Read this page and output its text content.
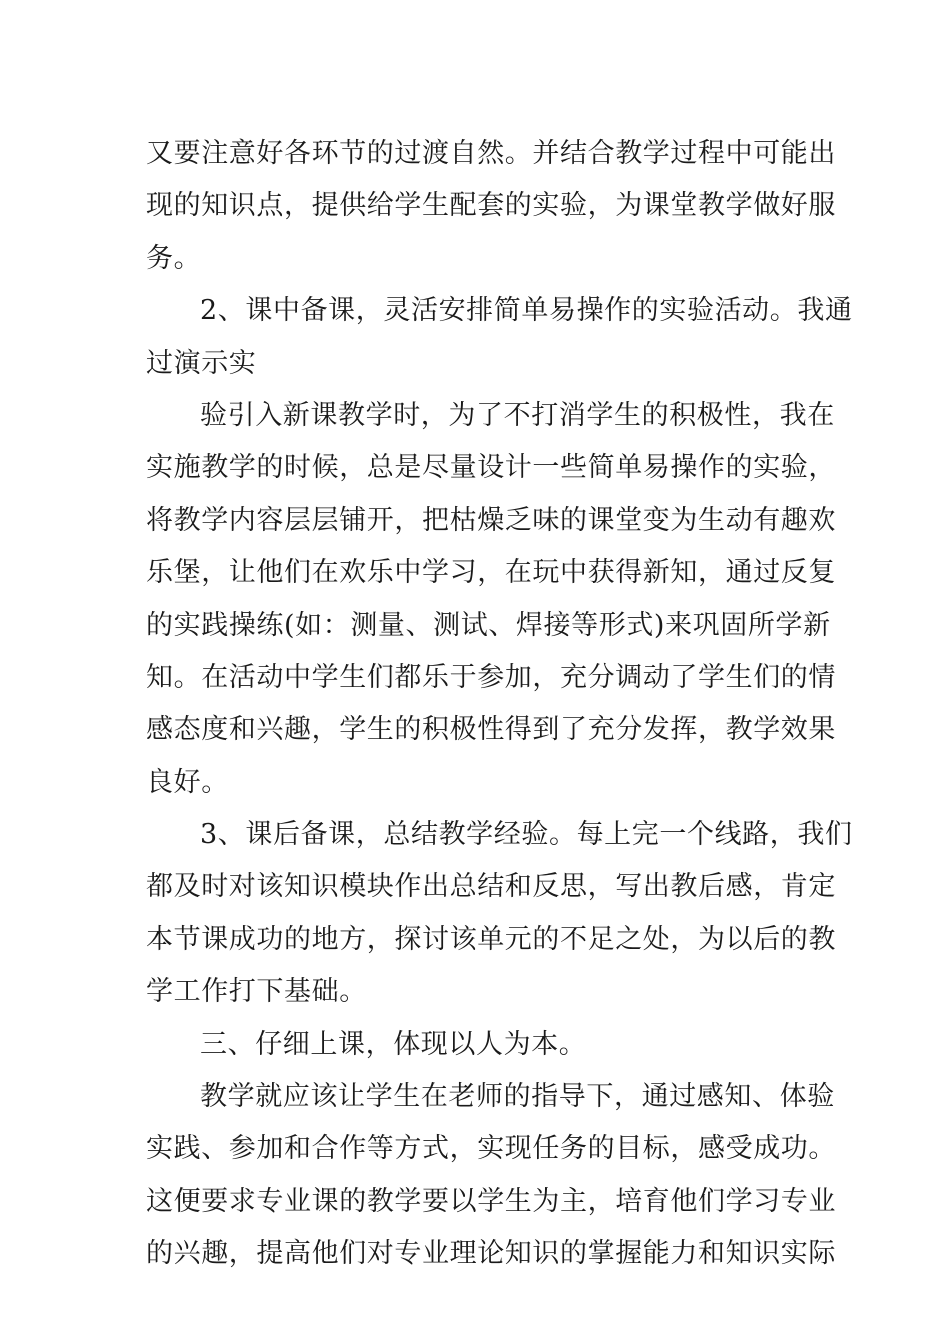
又要注意好各环节的过渡自然。并结合教学过程中可能出
现的知识点，提供给学生配套的实验，为课堂教学做好服
务。
2、课中备课，灵活安排简单易操作的实验活动。我通
过演示实
验引入新课教学时，为了不打消学生的积极性，我在
实施教学的时候，总是尽量设计一些简单易操作的实验，
将教学内容层层铺开，把枯燥乏味的课堂变为生动有趣欢
乐堡，让他们在欢乐中学习，在玩中获得新知，通过反复
的实践操练(如：测量、测试、焊接等形式)来巩固所学新
知。在活动中学生们都乐于参加，充分调动了学生们的情
感态度和兴趣，学生的积极性得到了充分发挥，教学效果
良好。
3、课后备课，总结教学经验。每上完一个线路，我们
都及时对该知识模块作出总结和反思，写出教后感，肯定
本节课成功的地方，探讨该单元的不足之处，为以后的教
学工作打下基础。
三、仔细上课，体现以人为本。
教学就应该让学生在老师的指导下，通过感知、体验
实践、参加和合作等方式，实现任务的目标，感受成功。
这便要求专业课的教学要以学生为主，培育他们学习专业
的兴趣，提高他们对专业理论知识的掌握能力和知识实际
